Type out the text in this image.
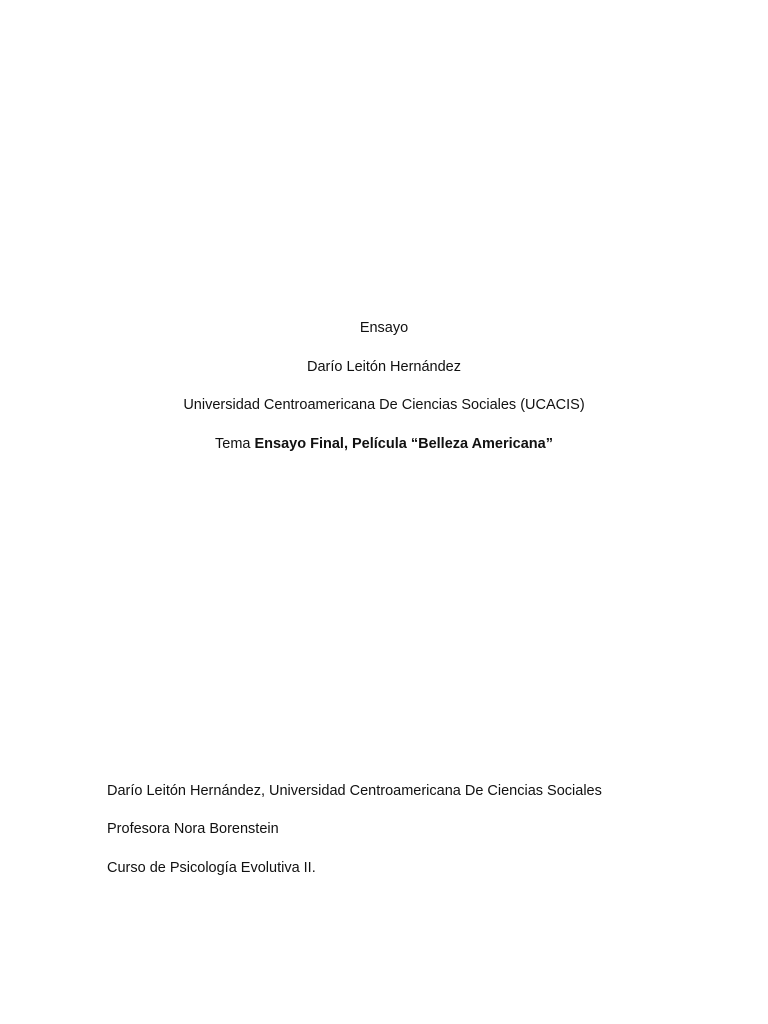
Ensayo
Darío Leitón Hernández
Universidad Centroamericana De Ciencias Sociales (UCACIS)
Tema Ensayo Final, Película “Belleza Americana”
Darío Leitón Hernández, Universidad Centroamericana De Ciencias Sociales
Profesora Nora Borenstein
Curso de Psicología Evolutiva II.
